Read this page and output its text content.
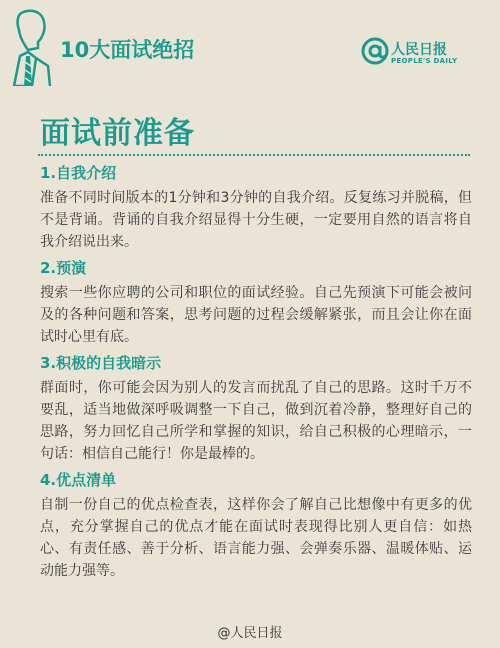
10大面试绝招	人民日报
PEOPLE'S DAILY
面试前准备
1.自我介绍
准备不同时间版本的1分钟和3分钟的自我介绍。反复练习并脱稿，但不是背诵。背诵的自我介绍显得十分生硬，一定要用自然的语言将自我介绍说出来。
2.预演
搜索一些你应聘的公司和职位的面试经验。自己先预演下可能会被问及的各种问题和答案，思考问题的过程会缓解紧张，而且会让你在面试时心里有底。
3.积极的自我暗示
群面时，你可能会因为别人的发言而扰乱了自己的思路。这时千万不要乱，适当地做深呼吸调整一下自己，做到沉着冷静，整理好自己的思路，努力回忆自己所学和掌握的知识，给自己积极的心理暗示，一句话：相信自己能行！你是最棒的。
4.优点清单
自制一份自己的优点检查表，这样你会了解自己比想像中有更多的优点，充分掌握自己的优点才能在面试时表现得比别人更自信：如热心、有责任感、善于分析、语言能力强、会弹奏乐器、温暖体贴、运动能力强等。
@人民日报
